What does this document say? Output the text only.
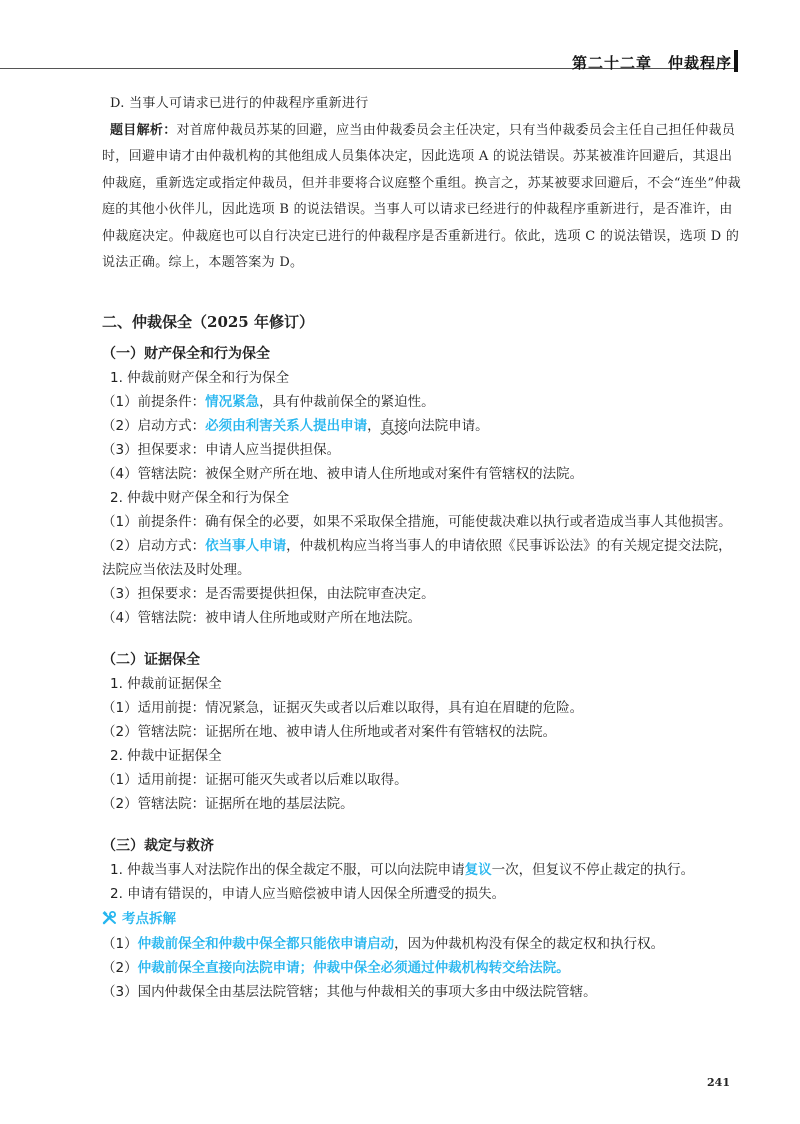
第二十二章 仲裁程序

D. 当事人可请求已进行的仲裁程序重新进行

题目解析：对首席仲裁员苏某的回避，应当由仲裁委员会主任决定，只有当仲裁委员会主任自己担任仲裁员时，回避申请才由仲裁机构的其他组成人员集体决定，因此选项 A 的说法错误。苏某被准许回避后，其退出仲裁庭，重新选定或指定仲裁员，但并非要将合议庭整个重组。换言之，苏某被要求回避后，不会“连坐”仲裁庭的其他小伙伴儿，因此选项 B 的说法错误。当事人可以请求已经进行的仲裁程序重新进行，是否准许，由仲裁庭决定。仲裁庭也可以自行决定已进行的仲裁程序是否重新进行。依此，选项 C 的说法错误，选项 D 的说法正确。综上，本题答案为 D。

二、仲裁保全（2025 年修订）
（一）财产保全和行为保全

1. 仲裁前财产保全和行为保全

（1）前提条件：情况紧急，具有仲裁前保全的紧迫性。

（2）启动方式：必须由利害关系人提出申请，直接向法院申请。

（3）担保要求：申请人应当提供担保。

（4）管辖法院：被保全财产所在地、被申请人住所地或对案件有管辖权的法院。

2. 仲裁中财产保全和行为保全

（1）前提条件：确有保全的必要，如果不采取保全措施，可能使裁决难以执行或者造成当事人其他损害。

（2）启动方式：依当事人申请，仲裁机构应当将当事人的申请依照《民事诉讼法》的有关规定提交法院，法院应当依法及时处理。

（3）担保要求：是否需要提供担保，由法院审查决定。

（4）管辖法院：被申请人住所地或财产所在地法院。

（二）证据保全

1. 仲裁前证据保全

（1）适用前提：情况紧急，证据灭失或者以后难以取得，具有迫在眉睫的危险。

（2）管辖法院：证据所在地、被申请人住所地或者对案件有管辖权的法院。

2. 仲裁中证据保全

（1）适用前提：证据可能灭失或者以后难以取得。

（2）管辖法院：证据所在地的基层法院。

（三）裁定与救济

1. 仲裁当事人对法院作出的保全裁定不服，可以向法院申请复议一次，但复议不停止裁定的执行。

2. 申请有错误的，申请人应当赔偿被申请人因保全所遭受的损失。

考点拆解

（1）仲裁前保全和仲裁中保全都只能依申请启动，因为仲裁机构没有保全的裁定权和执行权。

（2）仲裁前保全直接向法院申请；仲裁中保全必须通过仲裁机构转交给法院。

（3）国内仲裁保全由基层法院管辖；其他与仲裁相关的事项大多由中级法院管辖。

241
